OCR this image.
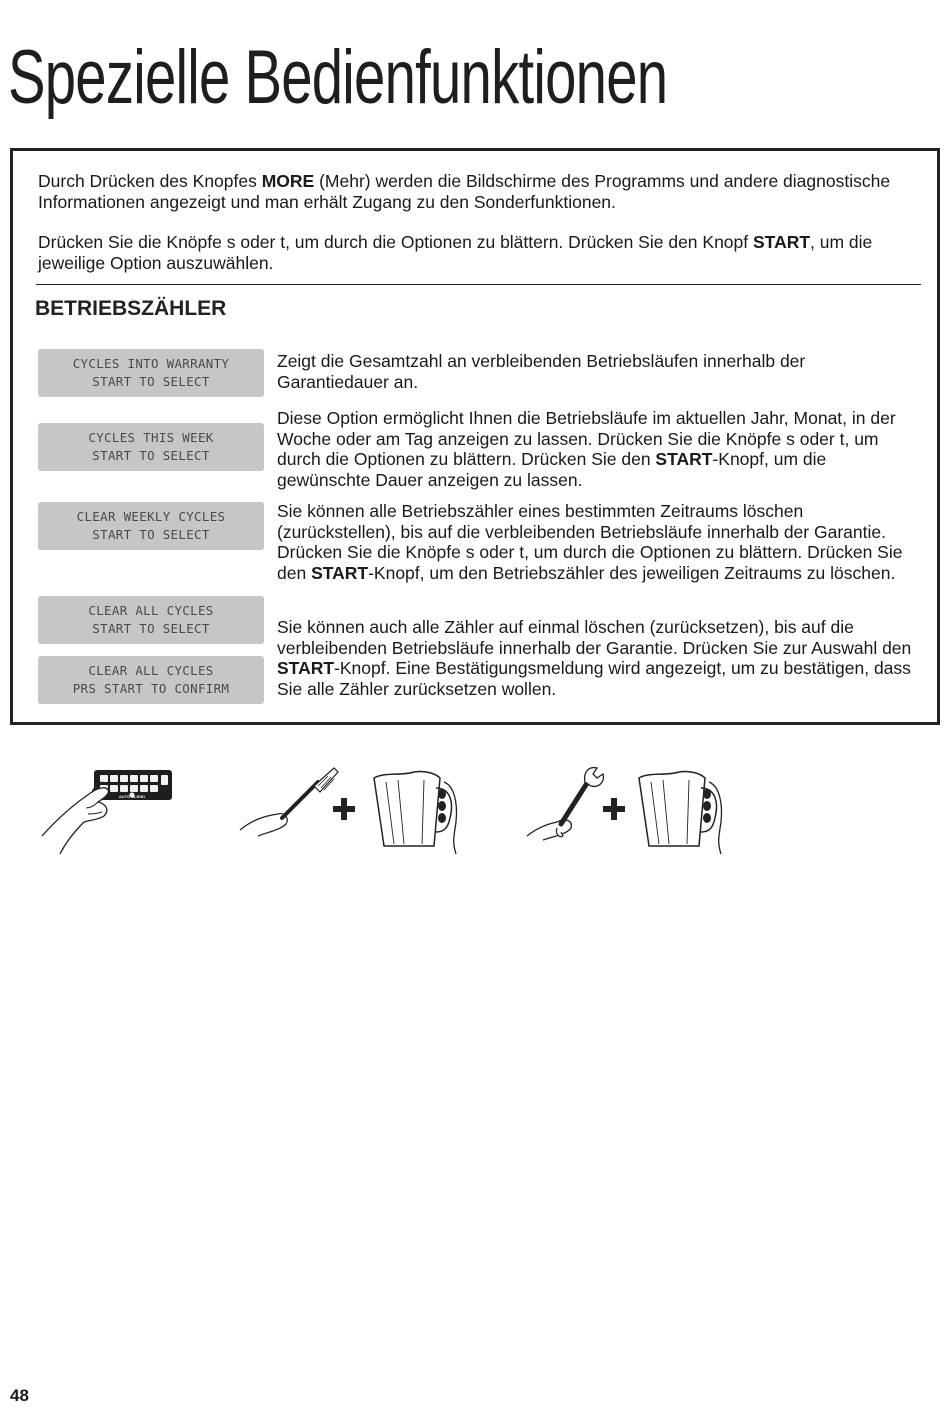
Spezielle Bedienfunktionen

Durch Drücken des Knopfes MORE (Mehr) werden die Bildschirme des Programms und andere diagnostische Informationen angezeigt und man erhält Zugang zu den Sonderfunktionen.

Drücken Sie die Knöpfe s oder t, um durch die Optionen zu blättern. Drücken Sie den Knopf START, um die jeweilige Option auszuwählen.

BETRIEBSZÄHLER
CYCLES INTO WARRANTY
START TO SELECT
CYCLES THIS WEEK
START TO SELECT
CLEAR WEEKLY CYCLES
START TO SELECT
CLEAR ALL CYCLES
START TO SELECT
CLEAR ALL CYCLES
PRS START TO CONFIRM

Zeigt die Gesamtzahl an verbleibenden Betriebsläufen innerhalb der Garantiedauer an.

Diese Option ermöglicht Ihnen die Betriebsläufe im aktuellen Jahr, Monat, in der Woche oder am Tag anzeigen zu lassen. Drücken Sie die Knöpfe s oder t, um durch die Optionen zu blättern. Drücken Sie den START-Knopf, um die gewünschte Dauer anzeigen zu lassen.

Sie können alle Betriebszähler eines bestimmten Zeitraums löschen (zurückstellen), bis auf die verbleibenden Betriebsläufe innerhalb der Garantie. Drücken Sie die Knöpfe s oder t, um durch die Optionen zu blättern. Drücken Sie den START-Knopf, um den Betriebszähler des jeweiligen Zeitraums zu löschen.

Sie können auch alle Zähler auf einmal löschen (zurücksetzen), bis auf die verbleibenden Betriebsläufe innerhalb der Garantie. Drücken Sie zur Auswahl den START-Knopf. Eine Bestätigungsmeldung wird angezeigt, um zu bestätigen, dass Sie alle Zähler zurücksetzen wollen.

AUTO BLEND

48
